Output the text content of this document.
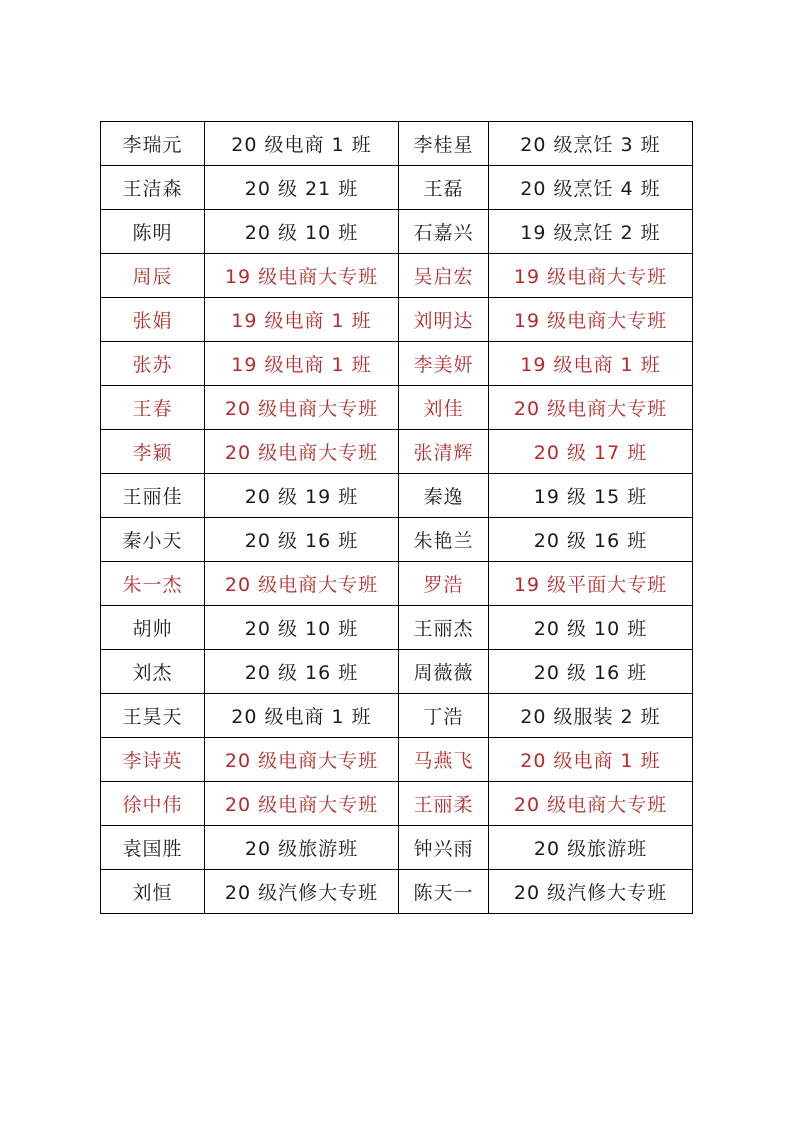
李瑞元	20 级电商 1 班	李桂星	20 级烹饪 3 班
王洁森	20 级 21 班	王磊	20 级烹饪 4 班
陈明	20 级 10 班	石嘉兴	19 级烹饪 2 班
周辰	19 级电商大专班	吴启宏	19 级电商大专班
张娟	19 级电商 1 班	刘明达	19 级电商大专班
张苏	19 级电商 1 班	李美妍	19 级电商 1 班
王春	20 级电商大专班	刘佳	20 级电商大专班
李颖	20 级电商大专班	张清辉	20 级 17 班
王丽佳	20 级 19 班	秦逸	19 级 15 班
秦小天	20 级 16 班	朱艳兰	20 级 16 班
朱一杰	20 级电商大专班	罗浩	19 级平面大专班
胡帅	20 级 10 班	王丽杰	20 级 10 班
刘杰	20 级 16 班	周薇薇	20 级 16 班
王昊天	20 级电商 1 班	丁浩	20 级服装 2 班
李诗英	20 级电商大专班	马燕飞	20 级电商 1 班
徐中伟	20 级电商大专班	王丽柔	20 级电商大专班
袁国胜	20 级旅游班	钟兴雨	20 级旅游班
刘恒	20 级汽修大专班	陈天一	20 级汽修大专班
